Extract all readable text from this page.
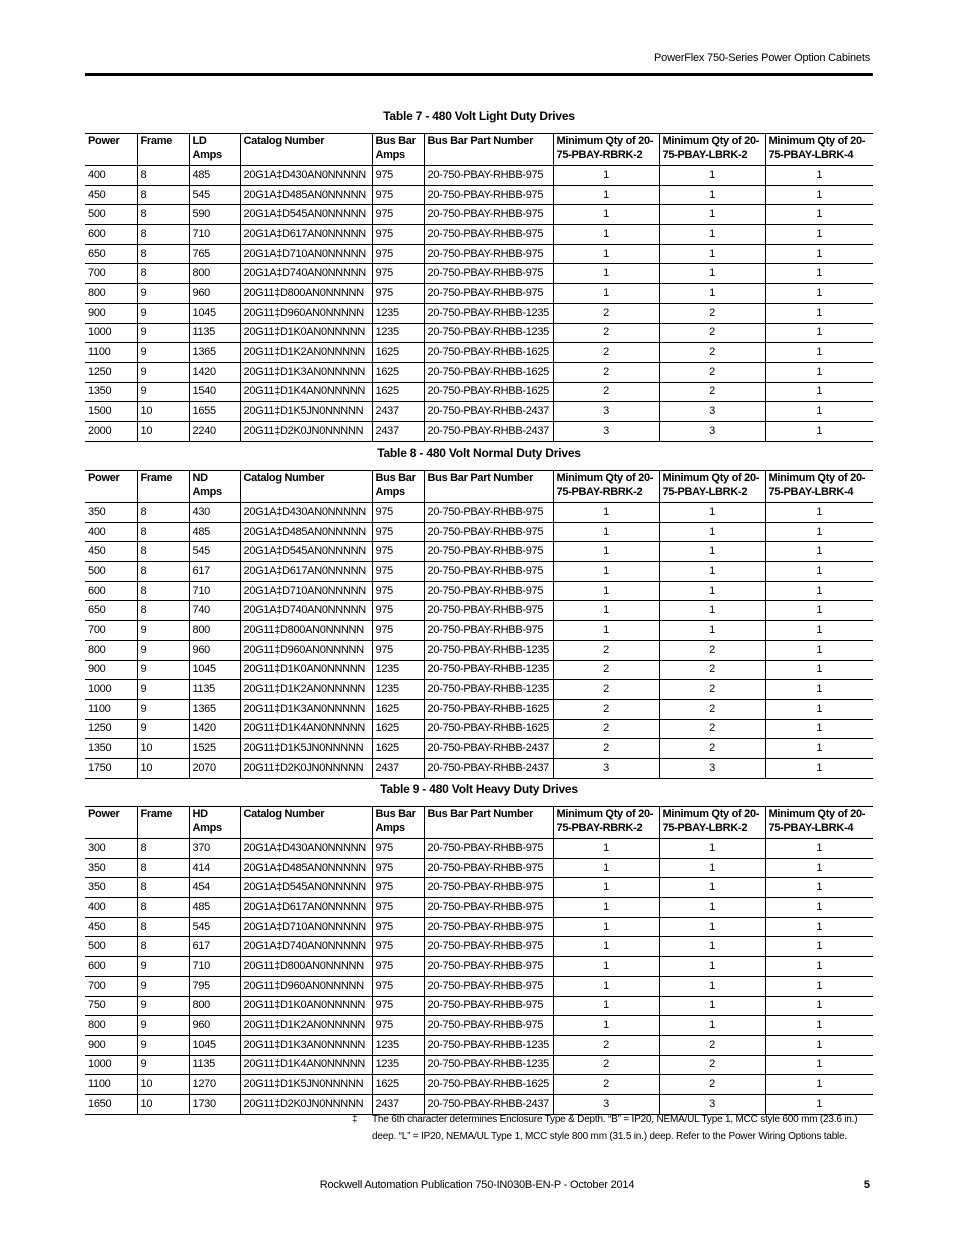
PowerFlex 750-Series Power Option Cabinets
Table 7 - 480 Volt Light Duty Drives
Power	Frame	LD Amps	Catalog Number	Bus Bar Amps	Bus Bar Part Number	Minimum Qty of 20-75-PBAY-RBRK-2	Minimum Qty of 20-75-PBAY-LBRK-2	Minimum Qty of 20-75-PBAY-LBRK-4
400	8	485	20G1A‡D430AN0NNNNN	975	20-750-PBAY-RHBB-975	1	1	1
450	8	545	20G1A‡D485AN0NNNNN	975	20-750-PBAY-RHBB-975	1	1	1
500	8	590	20G1A‡D545AN0NNNNN	975	20-750-PBAY-RHBB-975	1	1	1
600	8	710	20G1A‡D617AN0NNNNN	975	20-750-PBAY-RHBB-975	1	1	1
650	8	765	20G1A‡D710AN0NNNNN	975	20-750-PBAY-RHBB-975	1	1	1
700	8	800	20G1A‡D740AN0NNNNN	975	20-750-PBAY-RHBB-975	1	1	1
800	9	960	20G11‡D800AN0NNNNN	975	20-750-PBAY-RHBB-975	1	1	1
900	9	1045	20G11‡D960AN0NNNNN	1235	20-750-PBAY-RHBB-1235	2	2	1
1000	9	1135	20G11‡D1K0AN0NNNNN	1235	20-750-PBAY-RHBB-1235	2	2	1
1100	9	1365	20G11‡D1K2AN0NNNNN	1625	20-750-PBAY-RHBB-1625	2	2	1
1250	9	1420	20G11‡D1K3AN0NNNNN	1625	20-750-PBAY-RHBB-1625	2	2	1
1350	9	1540	20G11‡D1K4AN0NNNNN	1625	20-750-PBAY-RHBB-1625	2	2	1
1500	10	1655	20G11‡D1K5JN0NNNNN	2437	20-750-PBAY-RHBB-2437	3	3	1
2000	10	2240	20G11‡D2K0JN0NNNNN	2437	20-750-PBAY-RHBB-2437	3	3	1
Table 8 - 480 Volt Normal Duty Drives
Power	Frame	ND Amps	Catalog Number	Bus Bar Amps	Bus Bar Part Number	Minimum Qty of 20-75-PBAY-RBRK-2	Minimum Qty of 20-75-PBAY-LBRK-2	Minimum Qty of 20-75-PBAY-LBRK-4
350	8	430	20G1A‡D430AN0NNNNN	975	20-750-PBAY-RHBB-975	1	1	1
400	8	485	20G1A‡D485AN0NNNNN	975	20-750-PBAY-RHBB-975	1	1	1
450	8	545	20G1A‡D545AN0NNNNN	975	20-750-PBAY-RHBB-975	1	1	1
500	8	617	20G1A‡D617AN0NNNNN	975	20-750-PBAY-RHBB-975	1	1	1
600	8	710	20G1A‡D710AN0NNNNN	975	20-750-PBAY-RHBB-975	1	1	1
650	8	740	20G1A‡D740AN0NNNNN	975	20-750-PBAY-RHBB-975	1	1	1
700	9	800	20G11‡D800AN0NNNNN	975	20-750-PBAY-RHBB-975	1	1	1
800	9	960	20G11‡D960AN0NNNNN	975	20-750-PBAY-RHBB-1235	2	2	1
900	9	1045	20G11‡D1K0AN0NNNNN	1235	20-750-PBAY-RHBB-1235	2	2	1
1000	9	1135	20G11‡D1K2AN0NNNNN	1235	20-750-PBAY-RHBB-1235	2	2	1
1100	9	1365	20G11‡D1K3AN0NNNNN	1625	20-750-PBAY-RHBB-1625	2	2	1
1250	9	1420	20G11‡D1K4AN0NNNNN	1625	20-750-PBAY-RHBB-1625	2	2	1
1350	10	1525	20G11‡D1K5JN0NNNNN	1625	20-750-PBAY-RHBB-2437	2	2	1
1750	10	2070	20G11‡D2K0JN0NNNNN	2437	20-750-PBAY-RHBB-2437	3	3	1
Table 9 - 480 Volt Heavy Duty Drives
Power	Frame	HD Amps	Catalog Number	Bus Bar Amps	Bus Bar Part Number	Minimum Qty of 20-75-PBAY-RBRK-2	Minimum Qty of 20-75-PBAY-LBRK-2	Minimum Qty of 20-75-PBAY-LBRK-4
300	8	370	20G1A‡D430AN0NNNNN	975	20-750-PBAY-RHBB-975	1	1	1
350	8	414	20G1A‡D485AN0NNNNN	975	20-750-PBAY-RHBB-975	1	1	1
350	8	454	20G1A‡D545AN0NNNNN	975	20-750-PBAY-RHBB-975	1	1	1
400	8	485	20G1A‡D617AN0NNNNN	975	20-750-PBAY-RHBB-975	1	1	1
450	8	545	20G1A‡D710AN0NNNNN	975	20-750-PBAY-RHBB-975	1	1	1
500	8	617	20G1A‡D740AN0NNNNN	975	20-750-PBAY-RHBB-975	1	1	1
600	9	710	20G11‡D800AN0NNNNN	975	20-750-PBAY-RHBB-975	1	1	1
700	9	795	20G11‡D960AN0NNNNN	975	20-750-PBAY-RHBB-975	1	1	1
750	9	800	20G11‡D1K0AN0NNNNN	975	20-750-PBAY-RHBB-975	1	1	1
800	9	960	20G11‡D1K2AN0NNNNN	975	20-750-PBAY-RHBB-975	1	1	1
900	9	1045	20G11‡D1K3AN0NNNNN	1235	20-750-PBAY-RHBB-1235	2	2	1
1000	9	1135	20G11‡D1K4AN0NNNNN	1235	20-750-PBAY-RHBB-1235	2	2	1
1100	10	1270	20G11‡D1K5JN0NNNNN	1625	20-750-PBAY-RHBB-1625	2	2	1
1650	10	1730	20G11‡D2K0JN0NNNNN	2437	20-750-PBAY-RHBB-2437	3	3	1
‡ The 6th character determines Enclosure Type & Depth. “B” = IP20, NEMA/UL Type 1, MCC style 600 mm (23.6 in.) deep. “L” = IP20, NEMA/UL Type 1, MCC style 800 mm (31.5 in.) deep. Refer to the Power Wiring Options table.
Rockwell Automation Publication 750-IN030B-EN-P - October 2014	5
